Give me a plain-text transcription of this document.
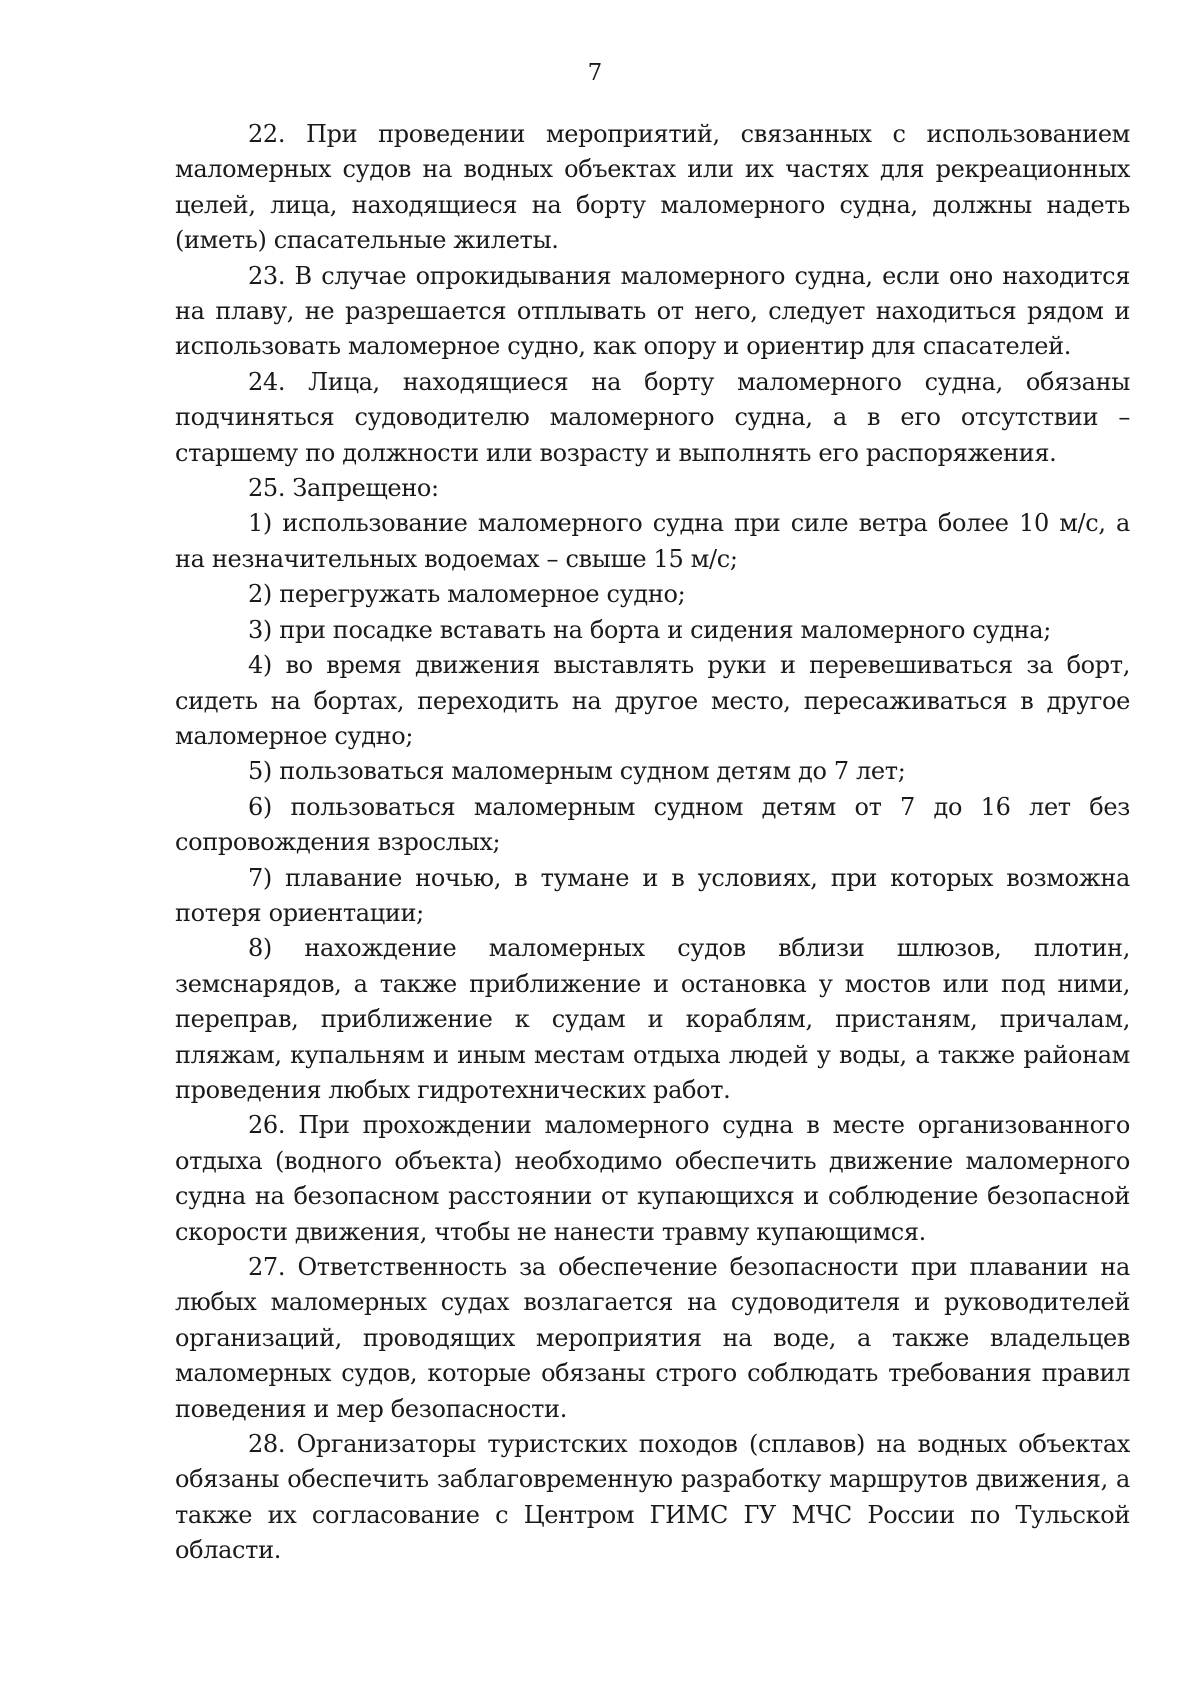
7

22. При проведении мероприятий, связанных с использованием маломерных судов на водных объектах или их частях для рекреационных целей, лица, находящиеся на борту маломерного судна, должны надеть (иметь) спасательные жилеты.

23. В случае опрокидывания маломерного судна, если оно находится на плаву, не разрешается отплывать от него, следует находиться рядом и использовать маломерное судно, как опору и ориентир для спасателей.

24. Лица, находящиеся на борту маломерного судна, обязаны подчиняться судоводителю маломерного судна, а в его отсутствии – старшему по должности или возрасту и выполнять его распоряжения.

25. Запрещено:

1) использование маломерного судна при силе ветра более 10 м/с, а на незначительных водоемах – свыше 15 м/с;

2) перегружать маломерное судно;

3) при посадке вставать на борта и сидения маломерного судна;

4) во время движения выставлять руки и перевешиваться за борт, сидеть на бортах, переходить на другое место, пересаживаться в другое маломерное судно;

5) пользоваться маломерным судном детям до 7 лет;

6) пользоваться маломерным судном детям от 7 до 16 лет без сопровождения взрослых;

7) плавание ночью, в тумане и в условиях, при которых возможна потеря ориентации;

8) нахождение маломерных судов вблизи шлюзов, плотин, земснарядов, а также приближение и остановка у мостов или под ними, переправ, приближение к судам и кораблям, пристаням, причалам, пляжам, купальням и иным местам отдыха людей у воды, а также районам проведения любых гидротехнических работ.

26. При прохождении маломерного судна в месте организованного отдыха (водного объекта) необходимо обеспечить движение маломерного судна на безопасном расстоянии от купающихся и соблюдение безопасной скорости движения, чтобы не нанести травму купающимся.

27. Ответственность за обеспечение безопасности при плавании на любых маломерных судах возлагается на судоводителя и руководителей организаций, проводящих мероприятия на воде, а также владельцев маломерных судов, которые обязаны строго соблюдать требования правил поведения и мер безопасности.

28. Организаторы туристских походов (сплавов) на водных объектах обязаны обеспечить заблаговременную разработку маршрутов движения, а также их согласование с Центром ГИМС ГУ МЧС России по Тульской области.
